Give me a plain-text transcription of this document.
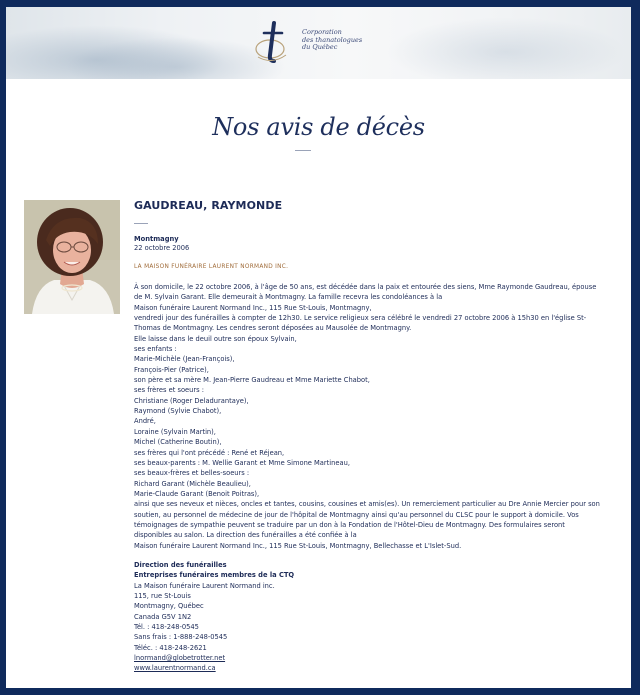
Corporation
des thanatologues
du Québec
Nos avis de décès
GAUDREAU, RAYMONDE
Montmagny
22 octobre 2006
LA MAISON FUNÉRAIRE LAURENT NORMAND INC.
À son domicile, le 22 octobre 2006, à l'âge de 50 ans, est décédée dans la paix et entourée des siens, Mme Raymonde Gaudreau, épouse
de M. Sylvain Garant. Elle demeurait à Montmagny. La famille recevra les condoléances à la
Maison funéraire Laurent Normand Inc., 115 Rue St-Louis, Montmagny,
vendredi jour des funérailles à compter de 12h30. Le service religieux sera célébré le vendredi 27 octobre 2006 à 15h30 en l'église St-
Thomas de Montmagny. Les cendres seront déposées au Mausolée de Montmagny.
Elle laisse dans le deuil outre son époux Sylvain,
ses enfants :
Marie-Michèle (Jean-François),
François-Pier (Patrice),
son père et sa mère M. Jean-Pierre Gaudreau et Mme Mariette Chabot,
ses frères et soeurs :
Christiane (Roger Deladurantaye),
Raymond (Sylvie Chabot),
André,
Loraine (Sylvain Martin),
Michel (Catherine Boutin),
ses frères qui l'ont précédé : René et Réjean,
ses beaux-parents : M. Wellie Garant et Mme Simone Martineau,
ses beaux-frères et belles-soeurs :
Richard Garant (Michèle Beaulieu),
Marie-Claude Garant (Benoit Poitras),
ainsi que ses neveux et nièces, oncles et tantes, cousins, cousines et amis(es). Un remerciement particulier au Dre Annie Mercier pour son
soutien, au personnel de médecine de jour de l'hôpital de Montmagny ainsi qu'au personnel du CLSC pour le support à domicile. Vos
témoignages de sympathie peuvent se traduire par un don à la Fondation de l'Hôtel-Dieu de Montmagny. Des formulaires seront
disponibles au salon. La direction des funérailles a été confiée à la
Maison funéraire Laurent Normand Inc., 115 Rue St-Louis, Montmagny, Bellechasse et L'Islet-Sud.
Direction des funérailles
Entreprises funéraires membres de la CTQ
La Maison funéraire Laurent Normand inc.
115, rue St-Louis
Montmagny, Québec
Canada G5V 1N2
Tél. : 418-248-0545
Sans frais : 1-888-248-0545
Téléc. : 418-248-2621
lnormand@globetrotter.net
www.laurentnormand.ca
